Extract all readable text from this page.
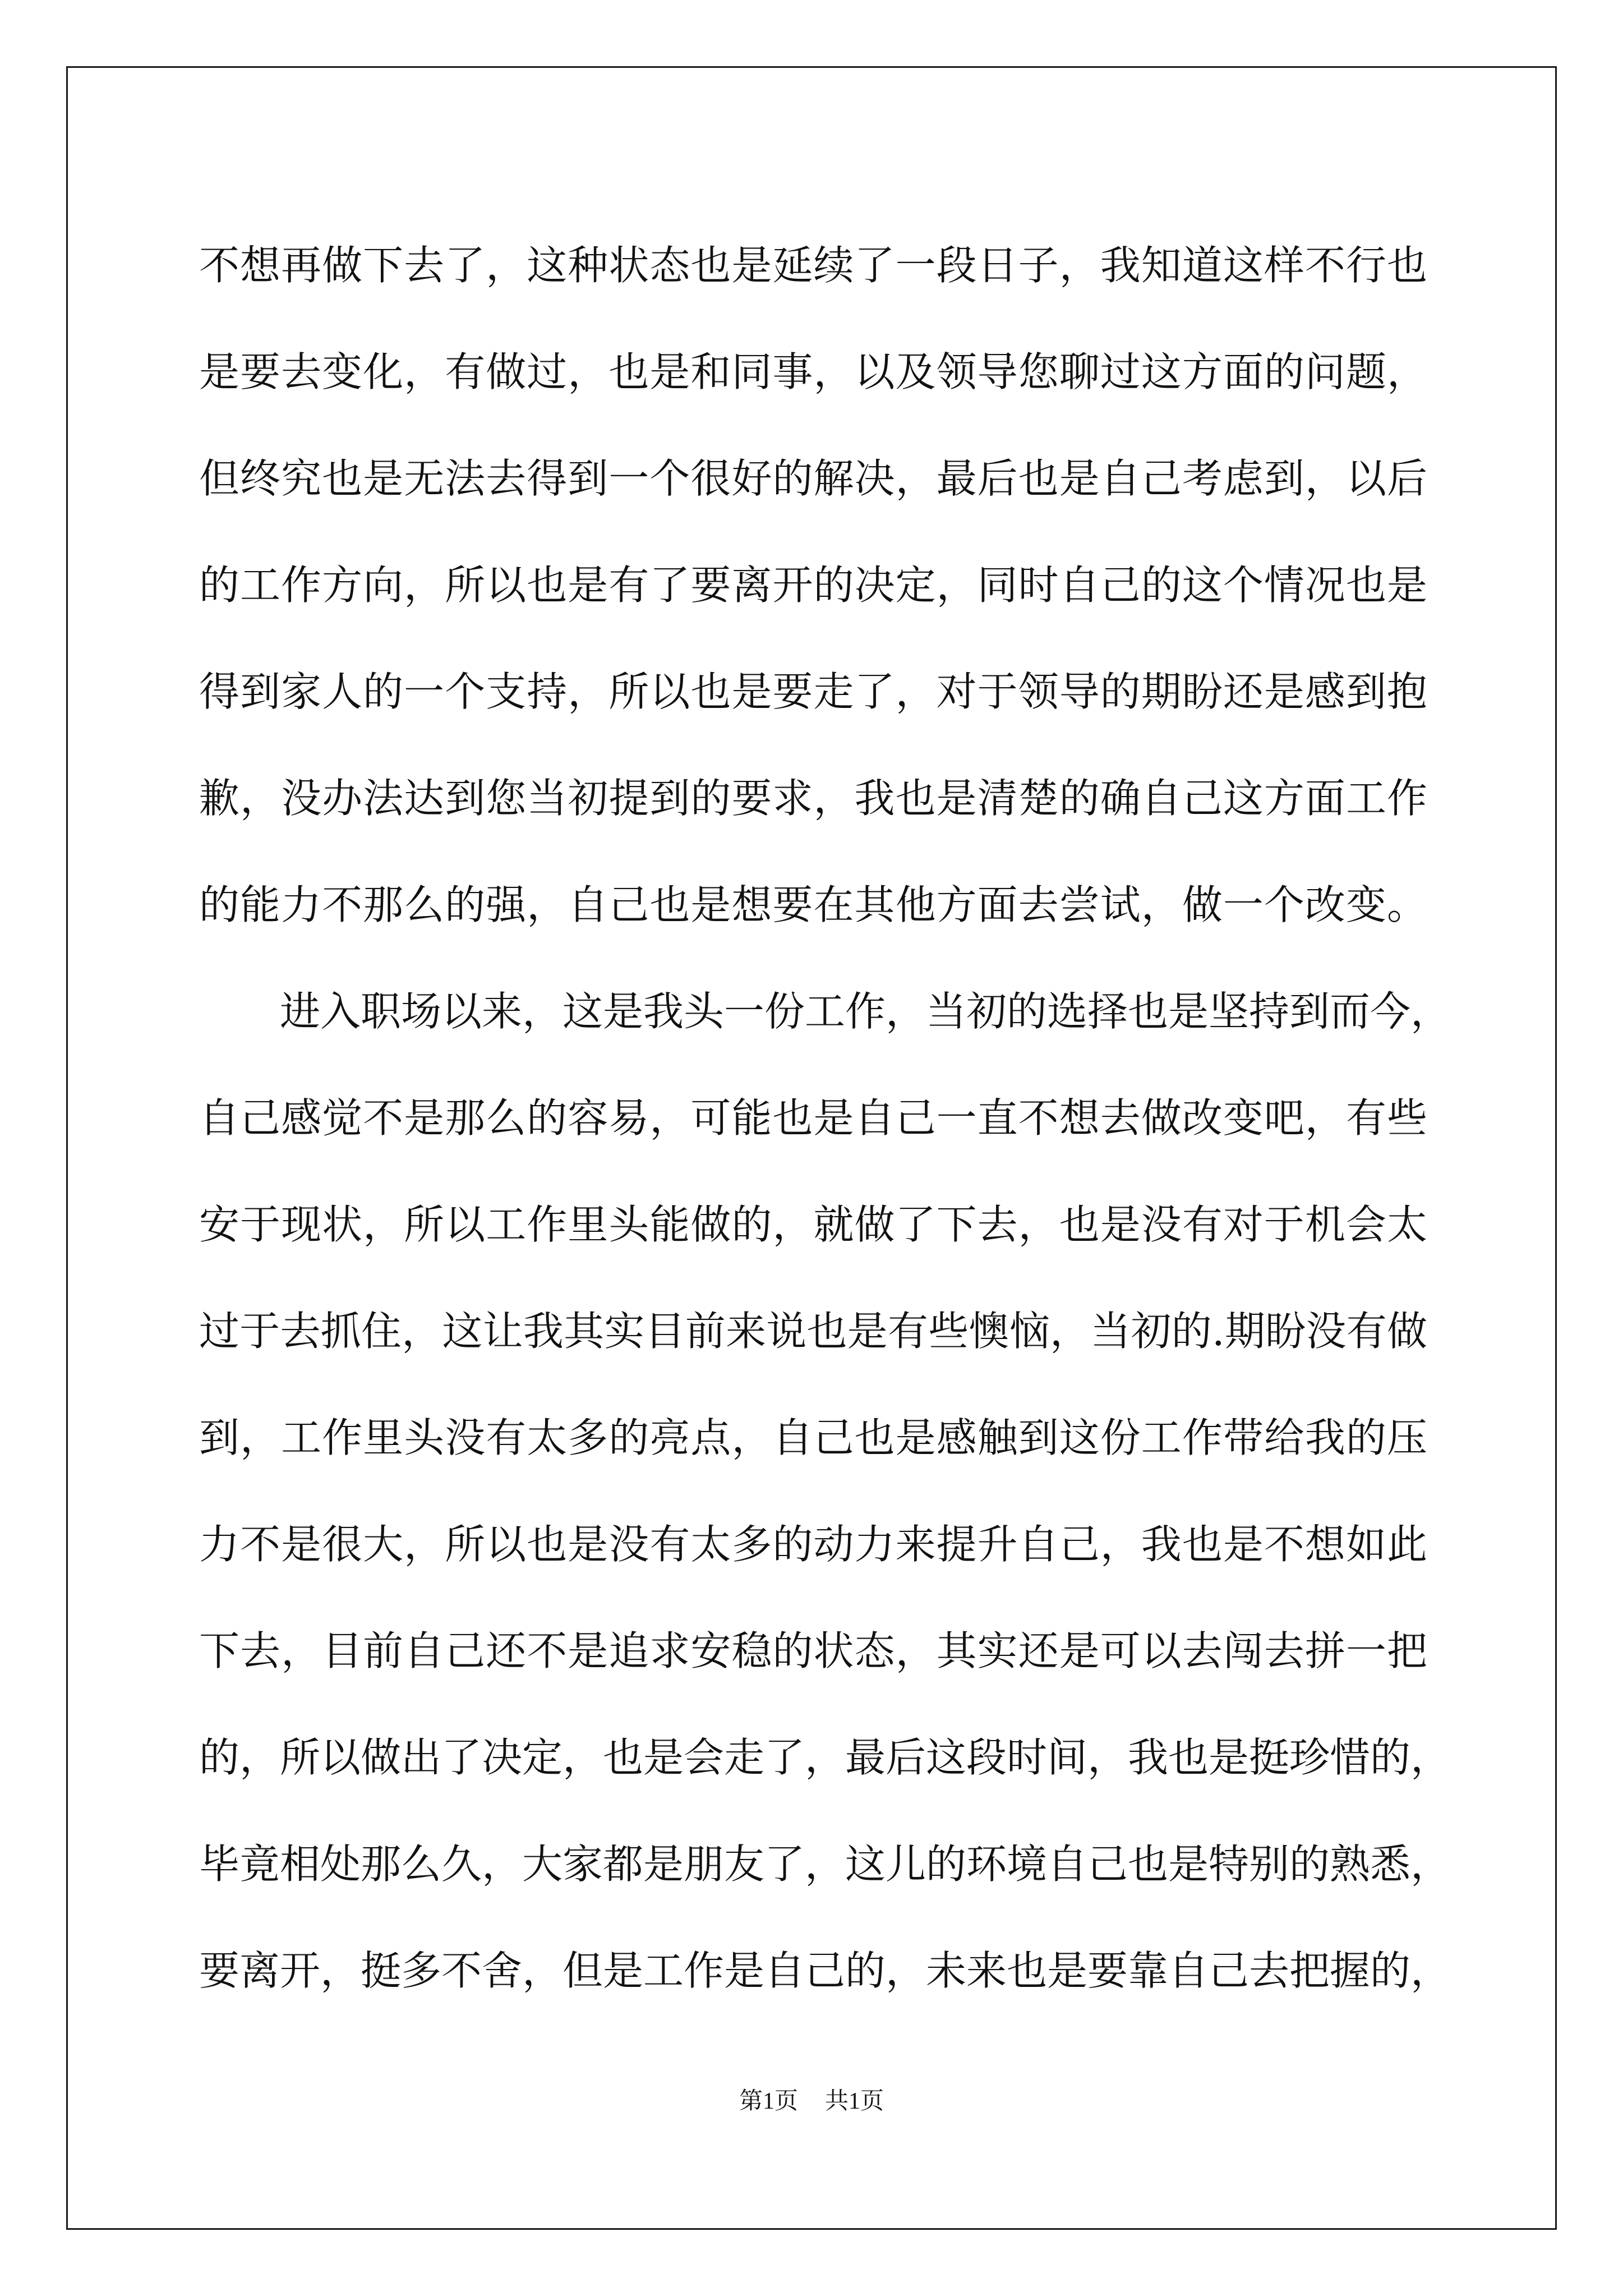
不想再做下去了，这种状态也是延续了一段日子，我知道这样不行也
是要去变化，有做过，也是和同事，以及领导您聊过这方面的问题，
但终究也是无法去得到一个很好的解决，最后也是自己考虑到，以后
的工作方向，所以也是有了要离开的决定，同时自己的这个情况也是
得到家人的一个支持，所以也是要走了，对于领导的期盼还是感到抱
歉，没办法达到您当初提到的要求，我也是清楚的确自己这方面工作
的能力不那么的强，自己也是想要在其他方面去尝试，做一个改变。
进入职场以来，这是我头一份工作，当初的选择也是坚持到而今，
自己感觉不是那么的容易，可能也是自己一直不想去做改变吧，有些
安于现状，所以工作里头能做的，就做了下去，也是没有对于机会太
过于去抓住，这让我其实目前来说也是有些懊恼，当初的.期盼没有做
到，工作里头没有太多的亮点，自己也是感触到这份工作带给我的压
力不是很大，所以也是没有太多的动力来提升自己，我也是不想如此
下去，目前自己还不是追求安稳的状态，其实还是可以去闯去拼一把
的，所以做出了决定，也是会走了，最后这段时间，我也是挺珍惜的，
毕竟相处那么久，大家都是朋友了，这儿的环境自己也是特别的熟悉，
要离开，挺多不舍，但是工作是自己的，未来也是要靠自己去把握的，
第1页 共1页
